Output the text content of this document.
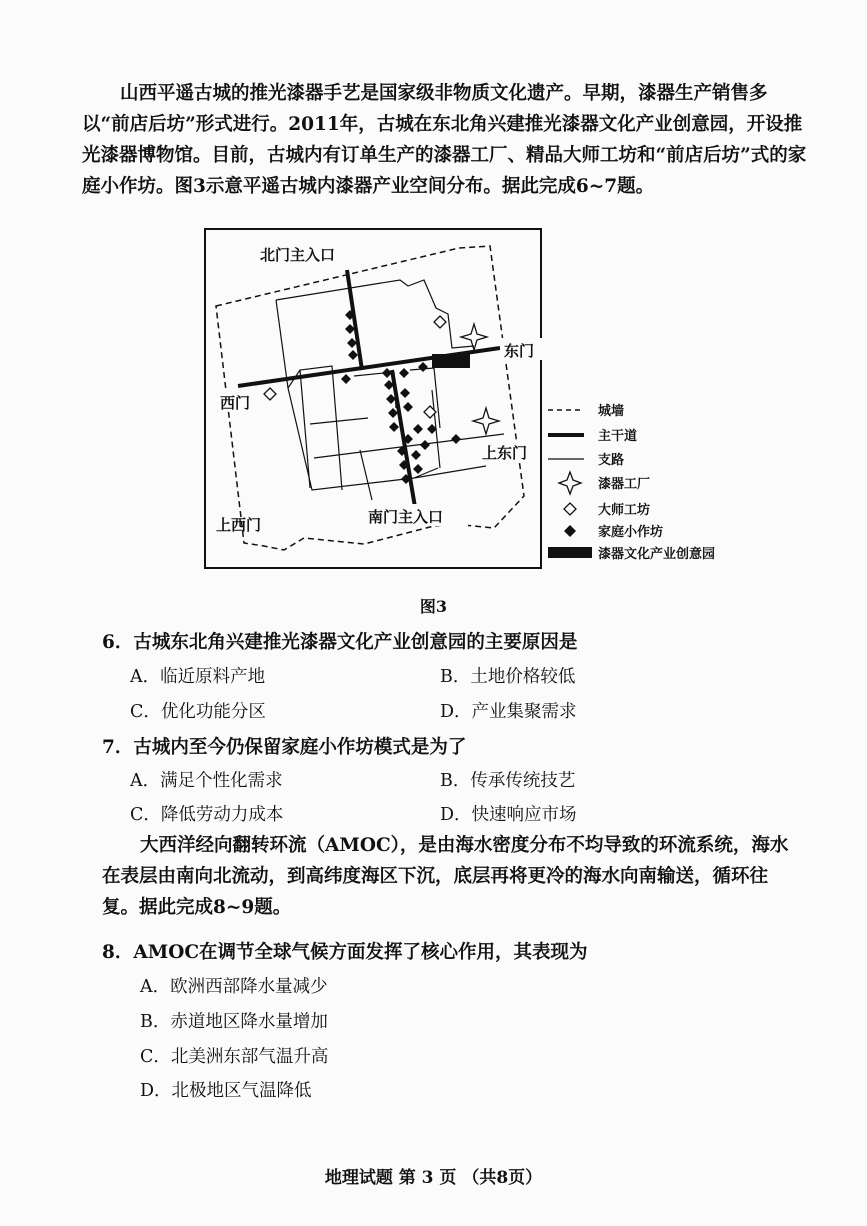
山西平遥古城的推光漆器手艺是国家级非物质文化遗产。早期，漆器生产销售多以“前店后坊”形式进行。2011年，古城在东北角兴建推光漆器文化产业创意园，开设推光漆器博物馆。目前，古城内有订单生产的漆器工厂、精品大师工坊和“前店后坊”式的家庭小作坊。图3示意平遥古城内漆器产业空间分布。据此完成6~7题。

北门主入口
东门
西门
上东门
上西门	南门主入口
城墙
主干道
支路
漆器工厂
大师工坊
家庭小作坊
漆器文化产业创意园
图3
6．古城东北角兴建推光漆器文化产业创意园的主要原因是
A．临近原料产地	B．土地价格较低
C．优化功能分区	D．产业集聚需求
7．古城内至今仍保留家庭小作坊模式是为了
A．满足个性化需求	B．传承传统技艺
C．降低劳动力成本	D．快速响应市场

大西洋经向翻转环流（AMOC），是由海水密度分布不均导致的环流系统，海水在表层由南向北流动，到高纬度海区下沉，底层再将更冷的海水向南输送，循环往复。据此完成8~9题。

8．AMOC在调节全球气候方面发挥了核心作用，其表现为
A．欧洲西部降水量减少
B．赤道地区降水量增加
C．北美洲东部气温升高
D．北极地区气温降低
地理试题 第 3 页 （共8页）
